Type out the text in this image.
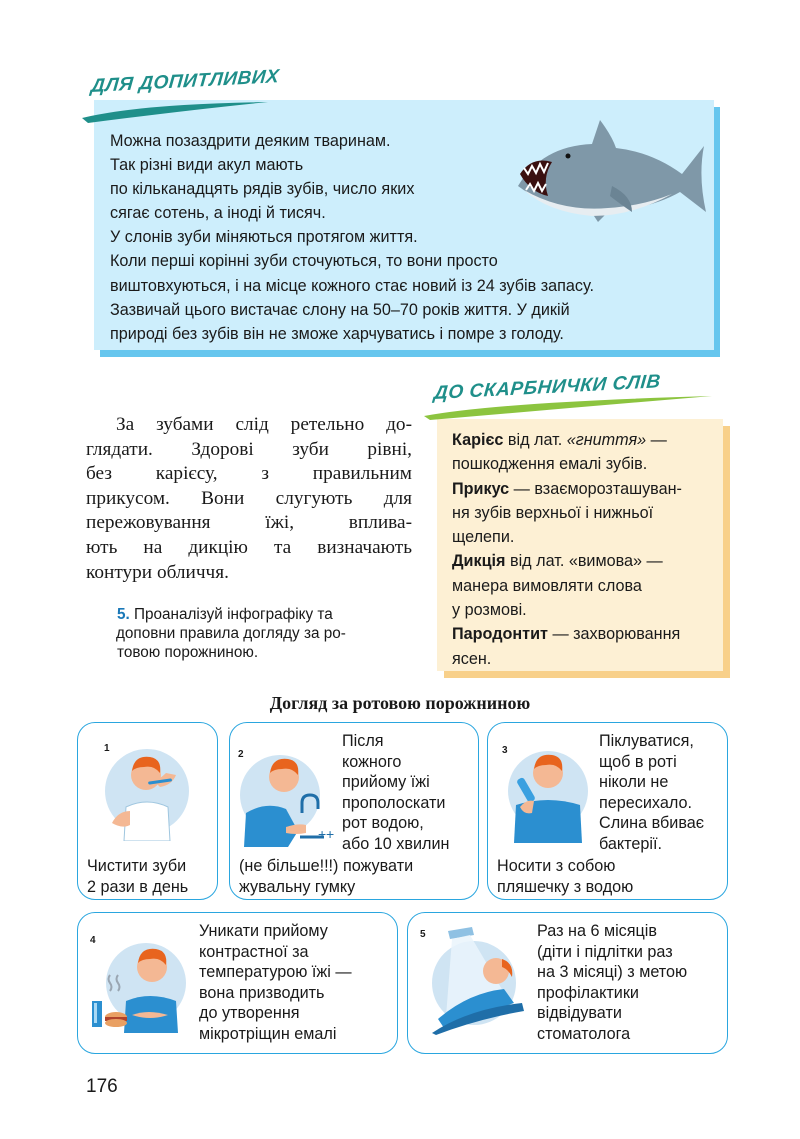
ДЛЯ ДОПИТЛИВИХ

Можна позаздрити деяким тваринам.
Так різні види акул мають
по кільканадцять рядів зубів, число яких
сягає сотень, а іноді й тисяч.
У слонів зуби міняються протягом життя.
Коли перші корінні зуби сточуються, то вони просто
виштовхуються, і на місце кожного стає новий із 24 зубів запасу.
Зазвичай цього вистачає слону на 50–70 років життя. У дикій
природі без зубів він не зможе харчуватись і помре з голоду.

За зубами слід ретельно до-
глядати. Здорові зуби рівні,
без карієсу, з правильним
прикусом. Вони слугують для
пережовування їжі, вплива-
ють на дикцію та визначають
контури обличчя.

5. Проаналізуй інфографіку та
доповни правила догляду за ро-
товою порожниною.

ДО СКАРБНИЧКИ СЛІВ

Карієс від лат. «гниття» —
пошкодження емалі зубів.
Прикус — взаєморозташуван-
ня зубів верхньої і нижньої
щелепи.
Дикція від лат. «вимова» —
манера вимовляти слова
у розмові.
Пародонтит — захворювання
ясен.

Догляд за ротовою порожниною
1

Чистити зуби
2 рази в день

2
+ +

Після
кожного
прийому їжі
прополоскати
рот водою,
або 10 хвилин

(не більше!!!) пожувати
жувальну гумку

3

Піклуватися,
щоб в роті
ніколи не
пересихало.
Слина вбиває
бактерії.

Носити з собою
пляшечку з водою

4

Уникати прийому
контрастної за
температурою їжі —
вона призводить
до утворення
мікротріщин емалі

5	Раз на 6 місяців
(діти і підлітки раз
на 3 місяці) з метою
профілактики
відвідувати
стоматолога

176
